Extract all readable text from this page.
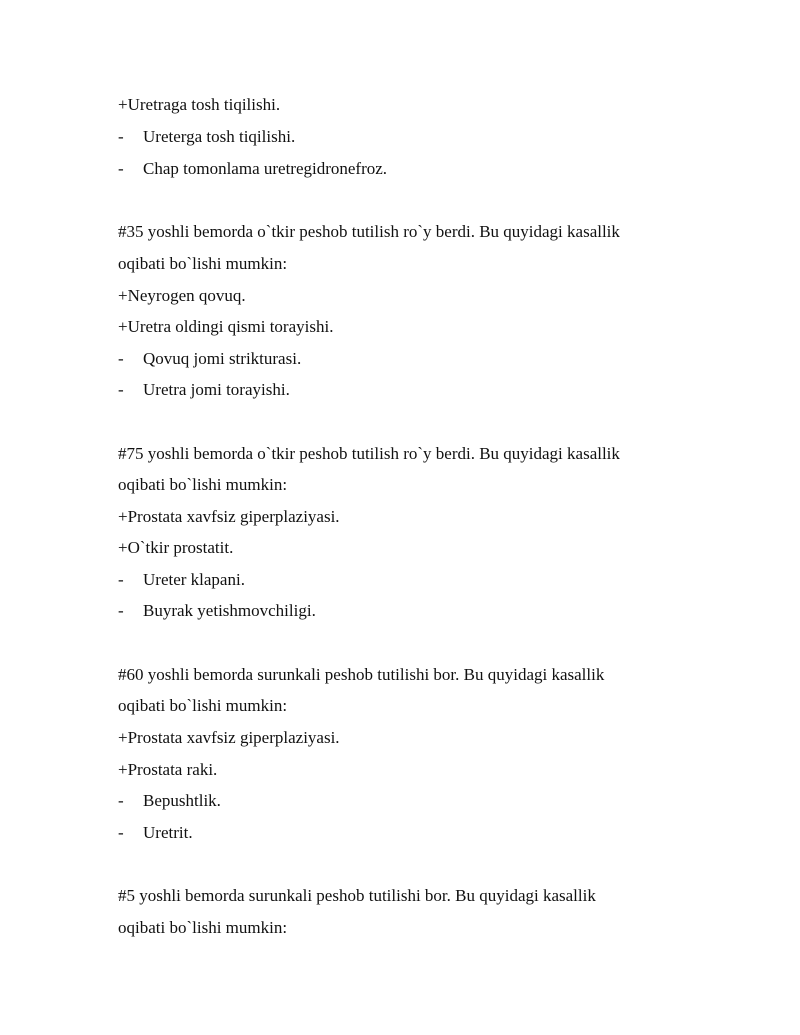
+Uretraga tosh tiqilishi.
- Ureterga tosh tiqilishi.
- Chap tomonlama uretregidronefroz.
#35 yoshli bemorda o`tkir peshob tutilish ro`y berdi. Bu quyidagi kasallik
oqibati bo`lishi mumkin:
+Neyrogen qovuq.
+Uretra oldingi qismi torayishi.
- Qovuq jomi strikturasi.
- Uretra jomi torayishi.
#75 yoshli bemorda o`tkir peshob tutilish ro`y berdi. Bu quyidagi kasallik
oqibati bo`lishi mumkin:
+Prostata xavfsiz giperplaziyasi.
+O`tkir prostatit.
- Ureter klapani.
- Buyrak yetishmovchiligi.
#60 yoshli bemorda surunkali peshob tutilishi bor. Bu quyidagi kasallik
oqibati bo`lishi mumkin:
+Prostata xavfsiz giperplaziyasi.
+Prostata raki.
- Bepushtlik.
- Uretrit.
#5 yoshli bemorda surunkali peshob tutilishi bor. Bu quyidagi kasallik
oqibati bo`lishi mumkin:
